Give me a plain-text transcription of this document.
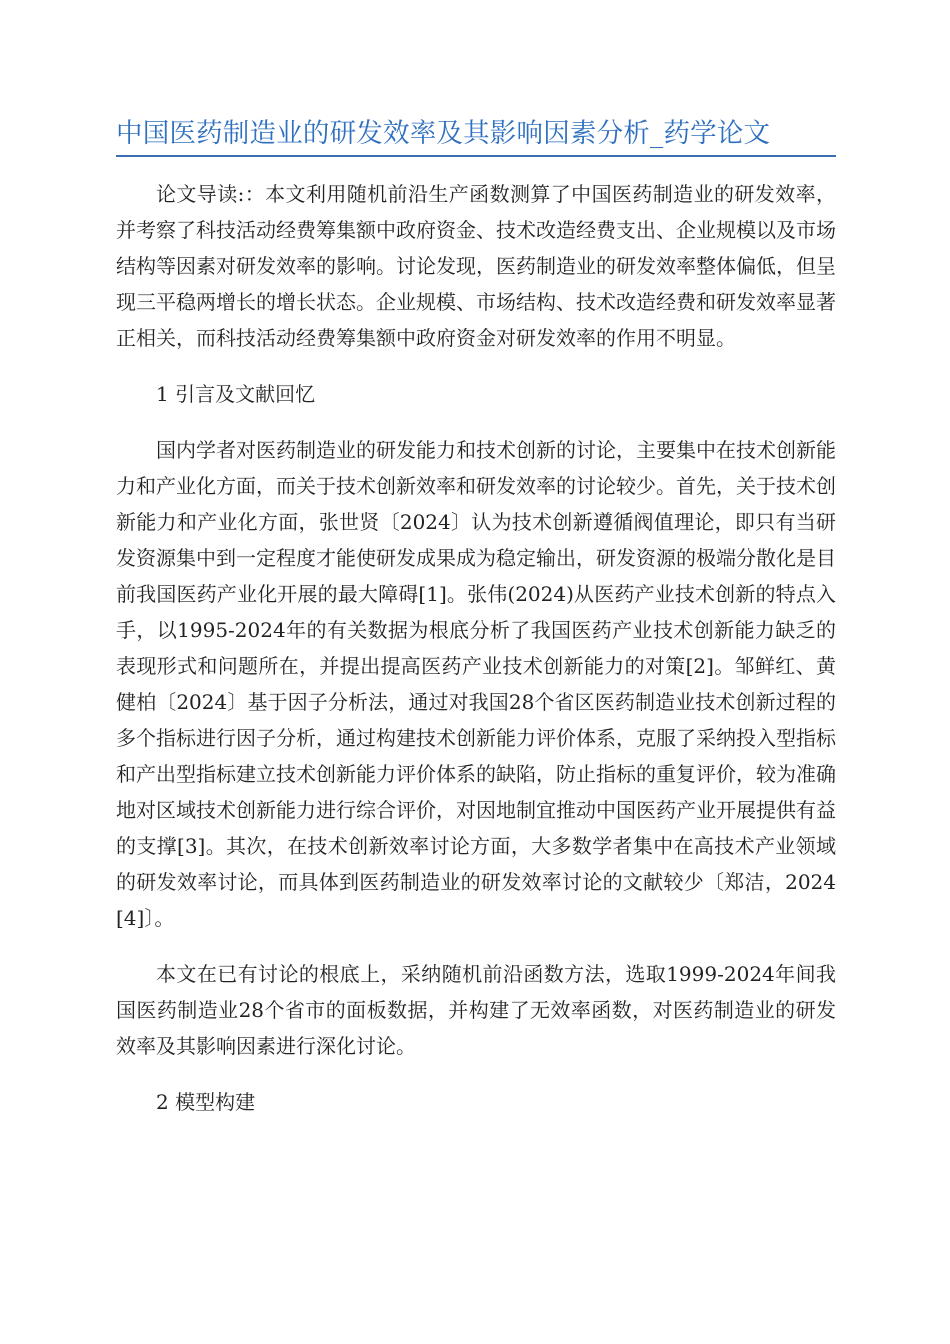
中国医药制造业的研发效率及其影响因素分析_药学论文

论文导读:：本文利用随机前沿生产函数测算了中国医药制造业的研发效率，并考察了科技活动经费筹集额中政府资金、技术改造经费支出、企业规模以及市场结构等因素对研发效率的影响。讨论发现，医药制造业的研发效率整体偏低，但呈现三平稳两增长的增长状态。企业规模、市场结构、技术改造经费和研发效率显著正相关，而科技活动经费筹集额中政府资金对研发效率的作用不明显。

1 引言及文献回忆

国内学者对医药制造业的研发能力和技术创新的讨论，主要集中在技术创新能力和产业化方面，而关于技术创新效率和研发效率的讨论较少。首先，关于技术创新能力和产业化方面，张世贤〔2024〕认为技术创新遵循阀值理论，即只有当研发资源集中到一定程度才能使研发成果成为稳定输出，研发资源的极端分散化是目前我国医药产业化开展的最大障碍[1]。张伟(2024)从医药产业技术创新的特点入手，以1995-2024年的有关数据为根底分析了我国医药产业技术创新能力缺乏的表现形式和问题所在，并提出提高医药产业技术创新能力的对策[2]。邹鲜红、黄健柏〔2024〕基于因子分析法，通过对我国28个省区医药制造业技术创新过程的多个指标进行因子分析，通过构建技术创新能力评价体系，克服了采纳投入型指标和产出型指标建立技术创新能力评价体系的缺陷，防止指标的重复评价，较为准确地对区域技术创新能力进行综合评价，对因地制宜推动中国医药产业开展提供有益的支撑[3]。其次，在技术创新效率讨论方面，大多数学者集中在高技术产业领域的研发效率讨论，而具体到医药制造业的研发效率讨论的文献较少〔郑洁，2024[4]〕。

本文在已有讨论的根底上，采纳随机前沿函数方法，选取1999-2024年间我国医药制造业28个省市的面板数据，并构建了无效率函数，对医药制造业的研发效率及其影响因素进行深化讨论。

2 模型构建
